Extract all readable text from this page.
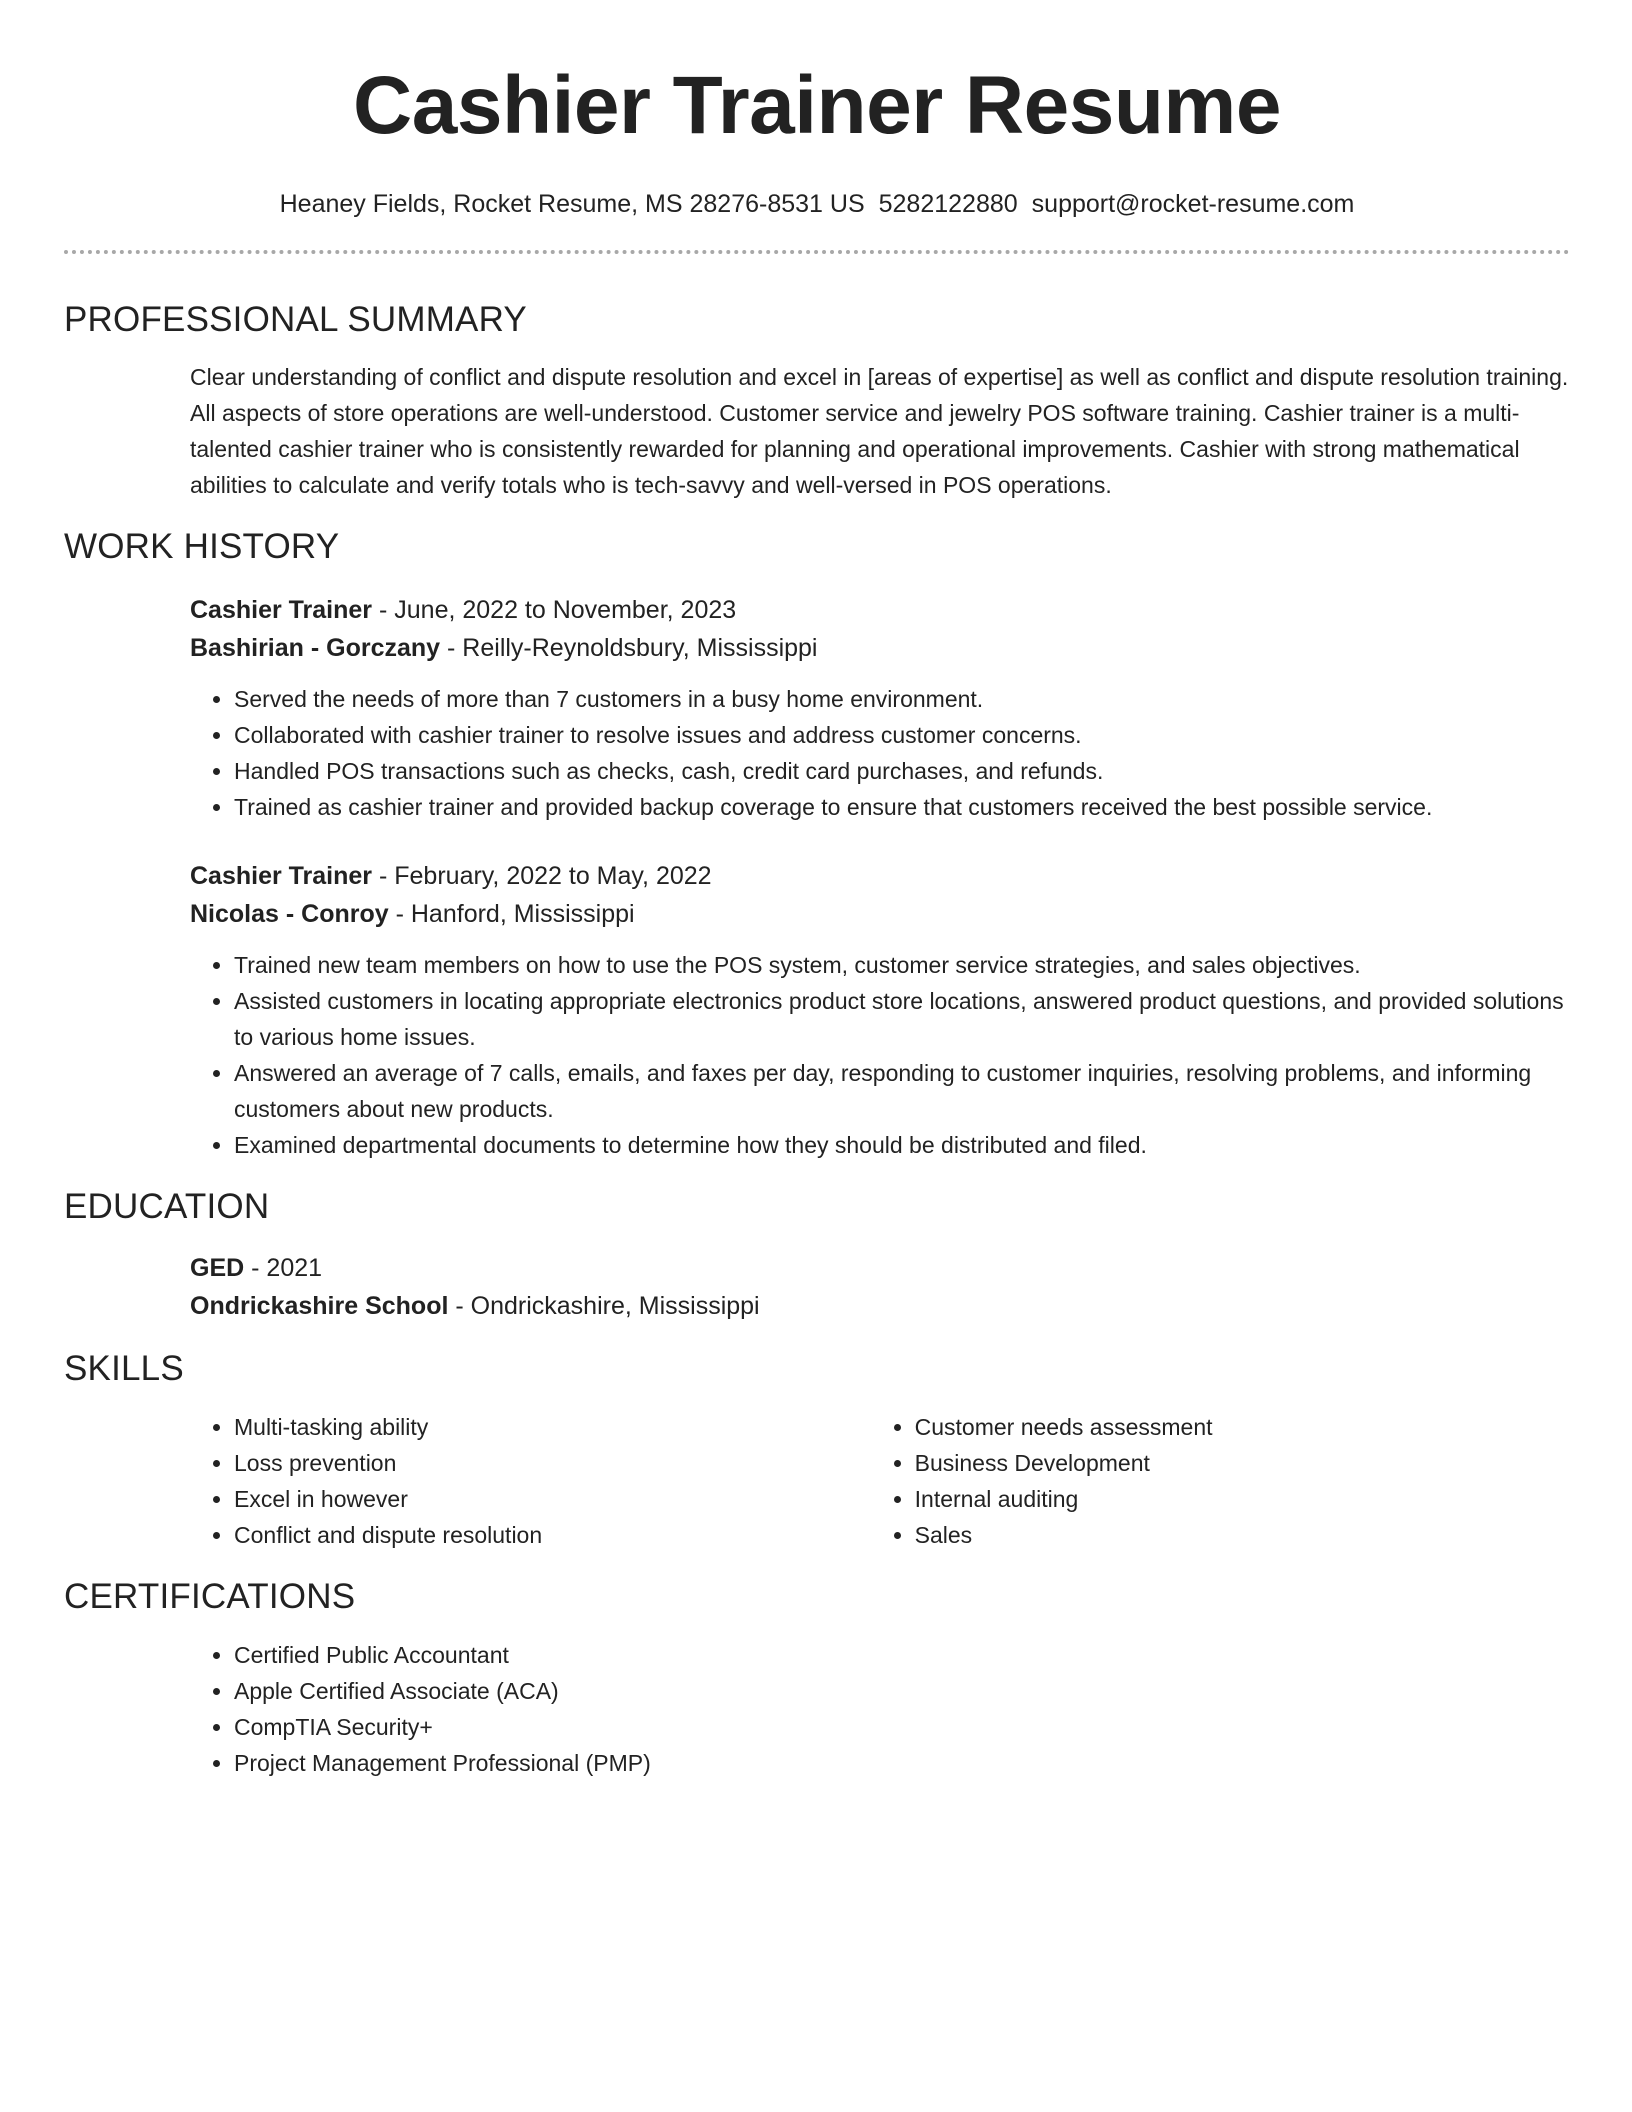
Cashier Trainer Resume
Heaney Fields, Rocket Resume, MS 28276-8531 US 5282122880 support@rocket-resume.com
PROFESSIONAL SUMMARY

Clear understanding of conflict and dispute resolution and excel in [areas of expertise] as well as conflict and dispute resolution training. All aspects of store operations are well-understood. Customer service and jewelry POS software training. Cashier trainer is a multi-talented cashier trainer who is consistently rewarded for planning and operational improvements. Cashier with strong mathematical abilities to calculate and verify totals who is tech-savvy and well-versed in POS operations.

WORK HISTORY
Cashier Trainer - June, 2022 to November, 2023
Bashirian - Gorczany - Reilly-Reynoldsbury, Mississippi
• Served the needs of more than 7 customers in a busy home environment.
• Collaborated with cashier trainer to resolve issues and address customer concerns.
• Handled POS transactions such as checks, cash, credit card purchases, and refunds.
• Trained as cashier trainer and provided backup coverage to ensure that customers received the best possible service.
Cashier Trainer - February, 2022 to May, 2022
Nicolas - Conroy - Hanford, Mississippi
• Trained new team members on how to use the POS system, customer service strategies, and sales objectives.
• Assisted customers in locating appropriate electronics product store locations, answered product questions, and provided solutions to various home issues.
• Answered an average of 7 calls, emails, and faxes per day, responding to customer inquiries, resolving problems, and informing customers about new products.
• Examined departmental documents to determine how they should be distributed and filed.
EDUCATION
GED - 2021
Ondrickashire School - Ondrickashire, Mississippi
SKILLS
• Multi-tasking ability
• Loss prevention
• Excel in however
• Conflict and dispute resolution
• Customer needs assessment
• Business Development
• Internal auditing
• Sales
CERTIFICATIONS
• Certified Public Accountant
• Apple Certified Associate (ACA)
• CompTIA Security+
• Project Management Professional (PMP)
